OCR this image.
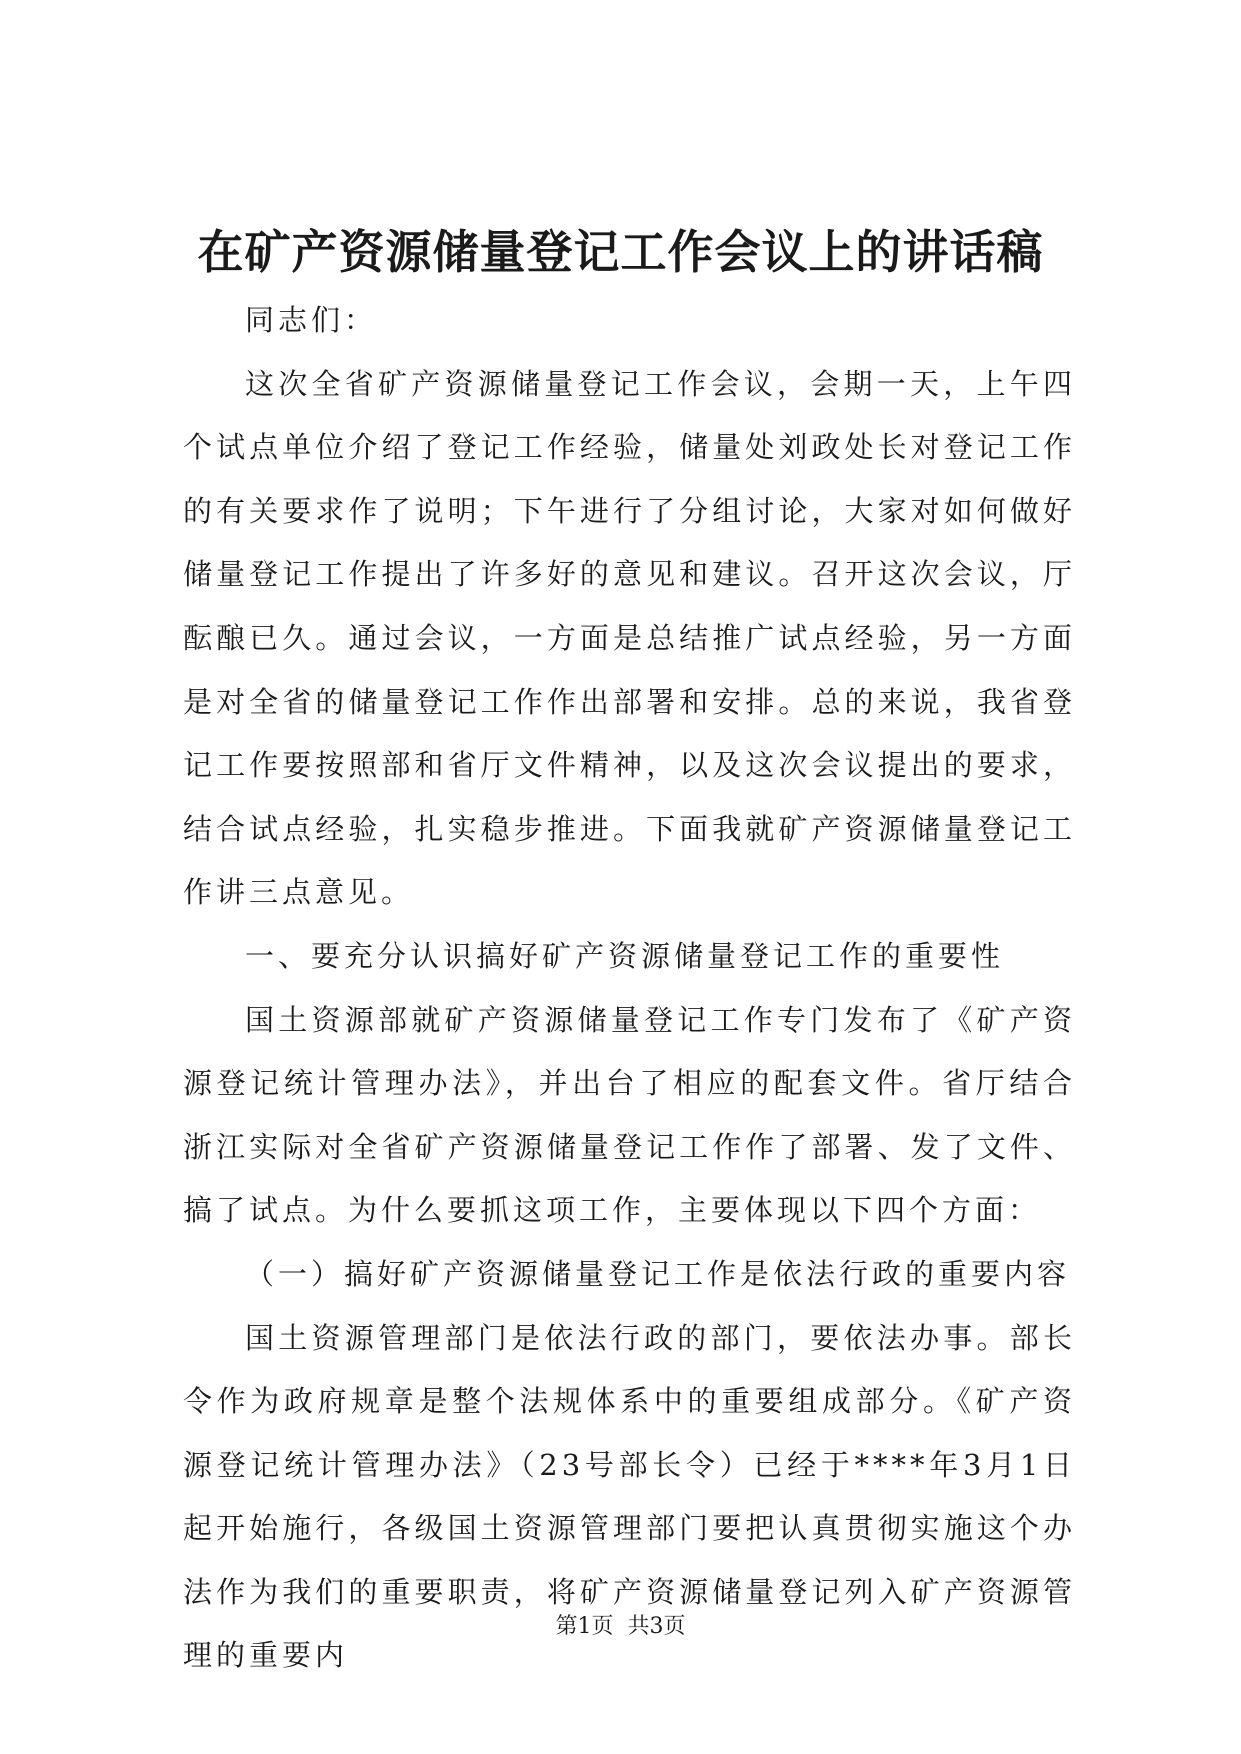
在矿产资源储量登记工作会议上的讲话稿

同志们：

这次全省矿产资源储量登记工作会议，会期一天，上午四个试点单位介绍了登记工作经验，储量处刘政处长对登记工作的有关要求作了说明；下午进行了分组讨论，大家对如何做好储量登记工作提出了许多好的意见和建议。召开这次会议，厅酝酿已久。通过会议，一方面是总结推广试点经验，另一方面是对全省的储量登记工作作出部署和安排。总的来说，我省登记工作要按照部和省厅文件精神，以及这次会议提出的要求，结合试点经验，扎实稳步推进。下面我就矿产资源储量登记工作讲三点意见。

一、要充分认识搞好矿产资源储量登记工作的重要性

国土资源部就矿产资源储量登记工作专门发布了《矿产资源登记统计管理办法》，并出台了相应的配套文件。省厅结合浙江实际对全省矿产资源储量登记工作作了部署、发了文件、搞了试点。为什么要抓这项工作，主要体现以下四个方面：

（一）搞好矿产资源储量登记工作是依法行政的重要内容

国土资源管理部门是依法行政的部门，要依法办事。部长令作为政府规章是整个法规体系中的重要组成部分。《矿产资源登记统计管理办法》（23号部长令）已经于****年3月1日起开始施行，各级国土资源管理部门要把认真贯彻实施这个办法作为我们的重要职责，将矿产资源储量登记列入矿产资源管理的重要内

第1页 共3页
